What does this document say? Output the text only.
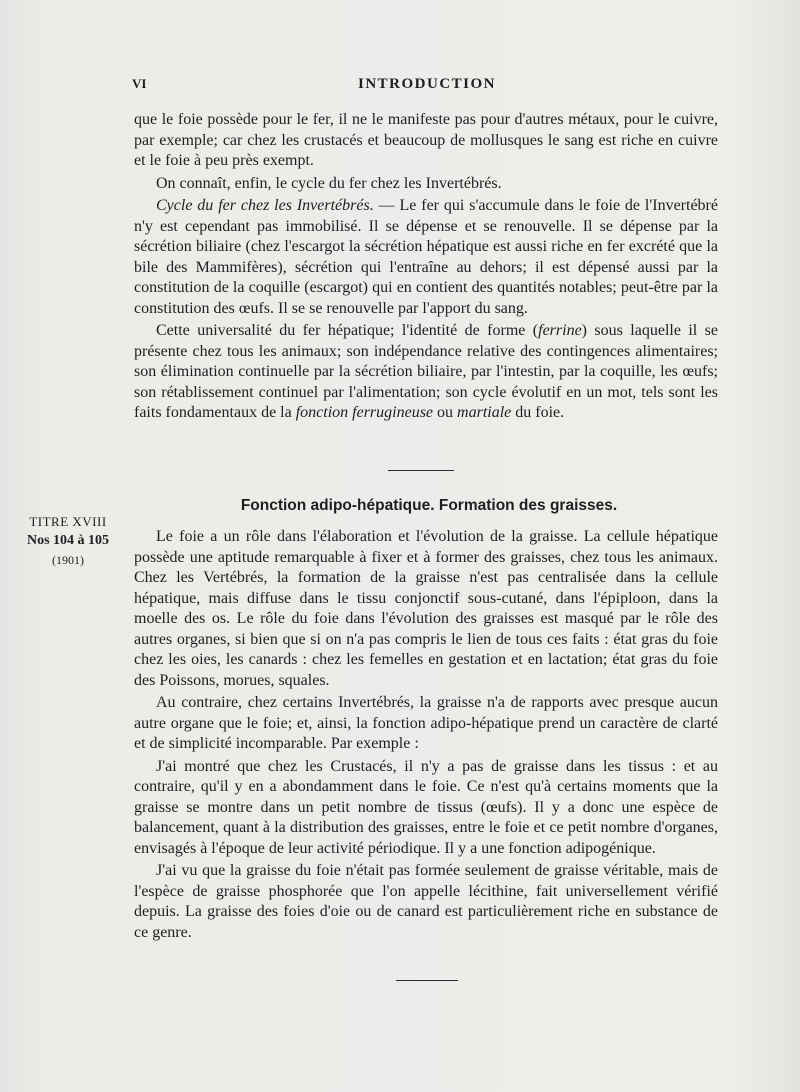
VI	INTRODUCTION

que le foie possède pour le fer, il ne le manifeste pas pour d'autres métaux, pour le cuivre, par exemple; car chez les crustacés et beaucoup de mollusques le sang est riche en cuivre et le foie à peu près exempt.

On connaît, enfin, le cycle du fer chez les Invertébrés.

Cycle du fer chez les Invertébrés. — Le fer qui s'accumule dans le foie de l'Invertébré n'y est cependant pas immobilisé. Il se dépense et se renouvelle. Il se dépense par la sécrétion biliaire (chez l'escargot la sécrétion hépatique est aussi riche en fer excrété que la bile des Mammifères), sécrétion qui l'entraîne au dehors; il est dépensé aussi par la constitution de la coquille (escargot) qui en contient des quantités notables; peut-être par la constitution des œufs. Il se se renouvelle par l'apport du sang.

Cette universalité du fer hépatique; l'identité de forme (ferrine) sous laquelle il se présente chez tous les animaux; son indépendance relative des contingences alimentaires; son élimination continuelle par la sécrétion biliaire, par l'intestin, par la coquille, les œufs; son rétablissement continuel par l'alimentation; son cycle évolutif en un mot, tels sont les faits fondamentaux de la fonction ferrugineuse ou martiale du foie.

Fonction adipo-hépatique. Formation des graisses.
TITRE XVIII
Nos 104 à 105
(1901)

Le foie a un rôle dans l'élaboration et l'évolution de la graisse. La cellule hépatique possède une aptitude remarquable à fixer et à former des graisses, chez tous les animaux. Chez les Vertébrés, la formation de la graisse n'est pas centralisée dans la cellule hépatique, mais diffuse dans le tissu conjonctif sous-cutané, dans l'épiploon, dans la moelle des os. Le rôle du foie dans l'évolution des graisses est masqué par le rôle des autres organes, si bien que si on n'a pas compris le lien de tous ces faits : état gras du foie chez les oies, les canards : chez les femelles en gestation et en lactation; état gras du foie des Poissons, morues, squales.

Au contraire, chez certains Invertébrés, la graisse n'a de rapports avec presque aucun autre organe que le foie; et, ainsi, la fonction adipo-hépatique prend un caractère de clarté et de simplicité incomparable. Par exemple :

J'ai montré que chez les Crustacés, il n'y a pas de graisse dans les tissus : et au contraire, qu'il y en a abondamment dans le foie. Ce n'est qu'à certains moments que la graisse se montre dans un petit nombre de tissus (œufs). Il y a donc une espèce de balancement, quant à la distribution des graisses, entre le foie et ce petit nombre d'organes, envisagés à l'époque de leur activité périodique. Il y a une fonction adipogénique.

J'ai vu que la graisse du foie n'était pas formée seulement de graisse véritable, mais de l'espèce de graisse phosphorée que l'on appelle lécithine, fait universellement vérifié depuis. La graisse des foies d'oie ou de canard est particulièrement riche en substance de ce genre.
